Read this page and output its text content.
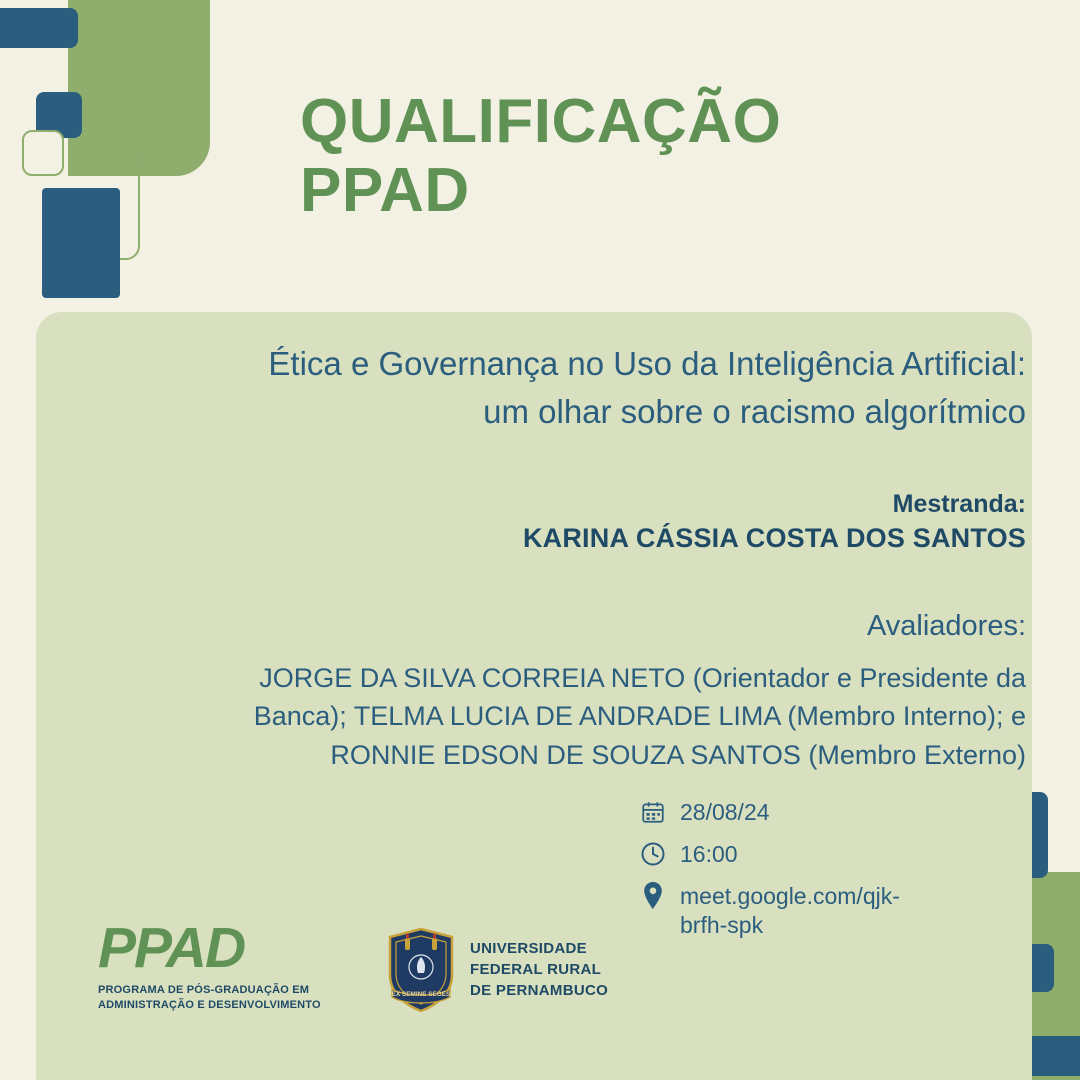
QUALIFICAÇÃO
PPAD
Ética e Governança no Uso da Inteligência Artificial:
um olhar sobre o racismo algorítmico
Mestranda:
KARINA CÁSSIA COSTA DOS SANTOS
Avaliadores:
JORGE DA SILVA CORREIA NETO (Orientador e Presidente da
Banca); TELMA LUCIA DE ANDRADE LIMA (Membro Interno); e
RONNIE EDSON DE SOUZA SANTOS (Membro Externo)
28/08/24
16:00
meet.google.com/qjk-brfh-spk
PPAD
PROGRAMA DE PÓS-GRADUAÇÃO EM
ADMINISTRAÇÃO E DESENVOLVIMENTO
EX SEMINE SEGES
UNIVERSIDADE
FEDERAL RURAL
DE PERNAMBUCO
